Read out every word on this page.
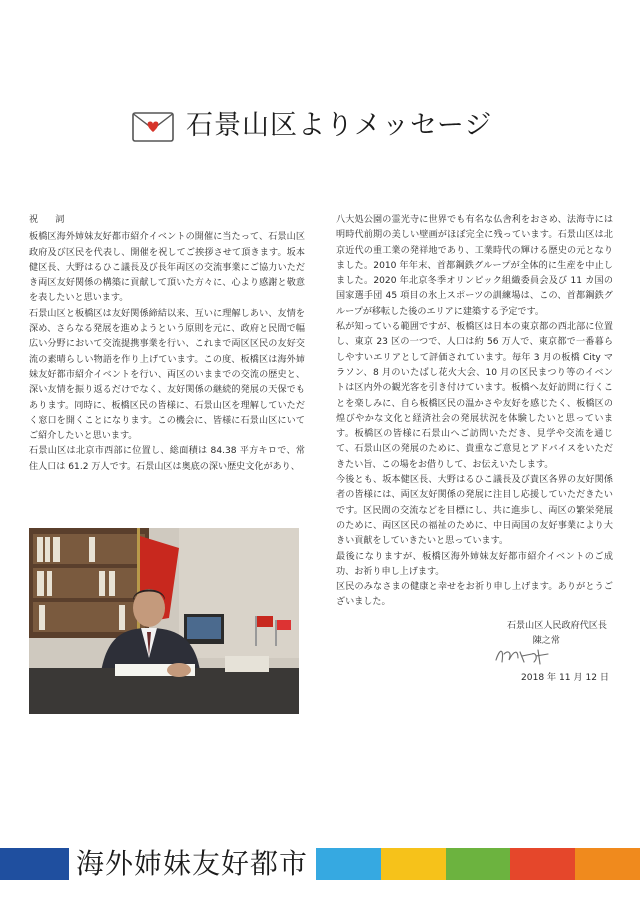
石景山区よりメッセージ

祝　詞

板橋区海外姉妹友好都市紹介イベントの開催に当たって、石景山区政府及び区民を代表し、開催を祝してご挨拶させて頂きます。坂本健区長、大野はるひこ議長及び長年両区の交流事業にご協力いただき両区友好関係の構築に貢献して頂いた方々に、心より感謝と敬意を表したいと思います。

石景山区と板橋区は友好関係締結以来、互いに理解しあい、友情を深め、さらなる発展を進めようという原則を元に、政府と民間で幅広い分野において交流提携事業を行い、これまで両区区民の友好交流の素晴らしい物語を作り上げています。この度、板橋区は海外姉妹友好都市紹介イベントを行い、両区のいままでの交流の歴史と、深い友情を振り返るだけでなく、友好関係の継続的発展の天保でもあります。同時に、板橋区民の皆様に、石景山区を理解していただく窓口を開くことになります。この機会に、皆様に石景山区にいてご紹介したいと思います。

石景山区は北京市西部に位置し、総面積は 84.38 平方キロで、常住人口は 61.2 万人です。石景山区は奥底の深い歴史文化があり、

八大処公園の霊光寺に世界でも有名な仏舎利をおさめ、法海寺には明時代前期の美しい壁画がほぼ完全に残っています。石景山区は北京近代の重工業の発祥地であり、工業時代の輝ける歴史の元となりました。2010 年年末、首都鋼鉄グループが全体的に生産を中止しました。2020 年北京冬季オリンピック組織委員会及び 11 カ国の国家選手団 45 項目の氷上スポーツの訓練場は、この、首都鋼鉄グループが移転した後のエリアに建築する予定です。

私が知っている範囲ですが、板橋区は日本の東京都の西北部に位置し、東京 23 区の一つで、人口は約 56 万人で、東京都で一番暮らしやすいエリアとして評価されています。毎年 3 月の板橋 City マラソン、8 月のいたばし花火大会、10 月の区民まつり等のイベントは区内外の観光客を引き付けています。板橋へ友好訪問に行くことを楽しみに、自ら板橋区民の温かさや友好を感じたく、板橋区の煌びやかな文化と経済社会の発展状況を体験したいと思っています。板橋区の皆様に石景山へご訪問いただき、見学や交流を通じて、石景山区の発展のために、貴重なご意見とアドバイスをいただきたい旨、この場をお借りして、お伝えいたします。

今後とも、坂本健区長、大野はるひこ議長及び貴区各界の友好関係者の皆様には、両区友好関係の発展に注目し応援していただきたいです。区民間の交流などを目標にし、共に進歩し、両区の繁栄発展のために、両区区民の福祉のために、中日両国の友好事業により大きい貢献をしていきたいと思っています。

最後になりますが、板橋区海外姉妹友好都市紹介イベントのご成功、お祈り申し上げます。

区民のみなさまの健康と幸せをお祈り申し上げます。ありがとうございました。

石景山区人民政府代区長

陳之常

2018 年 11 月 12 日
海外姉妹友好都市
